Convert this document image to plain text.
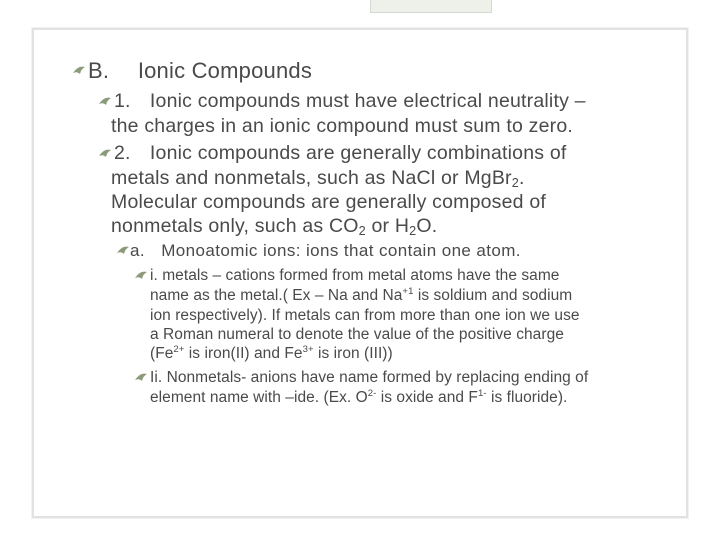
B. Ionic Compounds
1. Ionic compounds must have electrical neutrality –
the charges in an ionic compound must sum to zero.
2. Ionic compounds are generally combinations of
metals and nonmetals, such as NaCl or MgBr$_2$.
Molecular compounds are generally composed of
nonmetals only, such as $CO_2$ or $H_2O$.
a. Monoatomic ions: ions that contain one atom.
i. metals – cations formed from metal atoms have the same
name as the metal.( Ex – Na and $Na^{+1}$ is soldium and sodium
ion respectively). If metals can from more than one ion we use
a Roman numeral to denote the value of the positive charge
($Fe^{2+}$ is iron(II) and $Fe^{3+}$ is iron (III))
Ii. Nonmetals- anions have name formed by replacing ending of
element name with –ide. (Ex. $O^{2-}$ is oxide and $F^{1-}$ is fluoride).
